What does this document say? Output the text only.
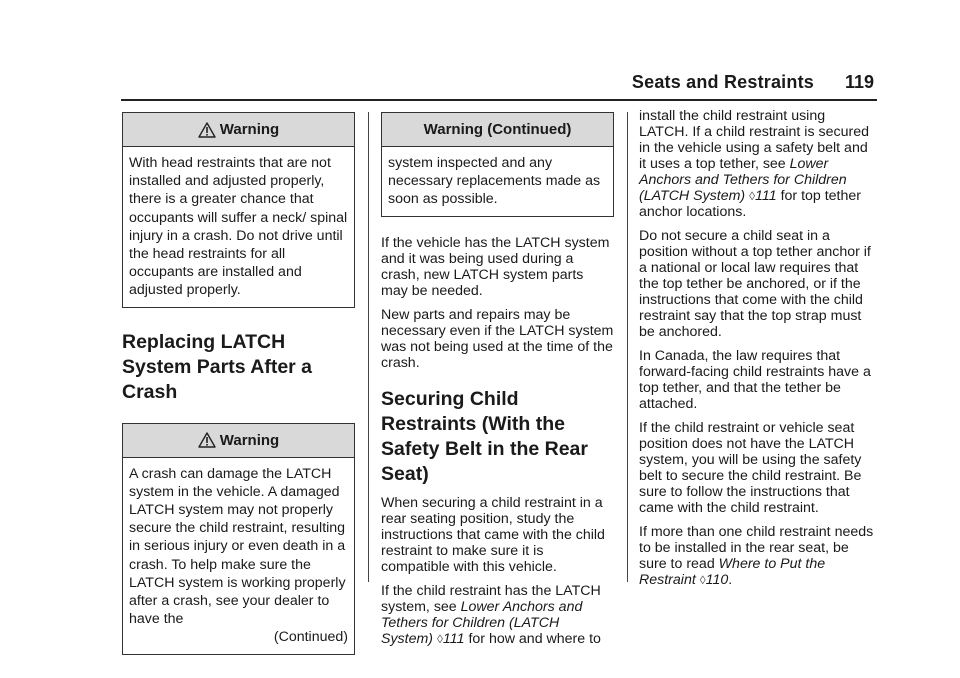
Seats and Restraints 119
Warning
With head restraints that are not installed and adjusted properly, there is a greater chance that occupants will suffer a neck/ spinal injury in a crash. Do not drive until the head restraints for all occupants are installed and adjusted properly.
Replacing LATCH System Parts After a Crash
Warning
A crash can damage the LATCH system in the vehicle. A damaged LATCH system may not properly secure the child restraint, resulting in serious injury or even death in a crash. To help make sure the LATCH system is working properly after a crash, see your dealer to have the
(Continued)
Warning (Continued)
system inspected and any necessary replacements made as soon as possible.

If the vehicle has the LATCH system and it was being used during a crash, new LATCH system parts may be needed.

New parts and repairs may be necessary even if the LATCH system was not being used at the time of the crash.

Securing Child Restraints (With the Safety Belt in the Rear Seat)

When securing a child restraint in a rear seating position, study the instructions that came with the child restraint to make sure it is compatible with this vehicle.

If the child restraint has the LATCH system, see Lower Anchors and Tethers for Children (LATCH System) ◊111 for how and where to

install the child restraint using LATCH. If a child restraint is secured in the vehicle using a safety belt and it uses a top tether, see Lower Anchors and Tethers for Children (LATCH System) ◊111 for top tether anchor locations.

Do not secure a child seat in a position without a top tether anchor if a national or local law requires that the top tether be anchored, or if the instructions that come with the child restraint say that the top strap must be anchored.

In Canada, the law requires that forward-facing child restraints have a top tether, and that the tether be attached.

If the child restraint or vehicle seat position does not have the LATCH system, you will be using the safety belt to secure the child restraint. Be sure to follow the instructions that came with the child restraint.

If more than one child restraint needs to be installed in the rear seat, be sure to read Where to Put the Restraint ◊110.
